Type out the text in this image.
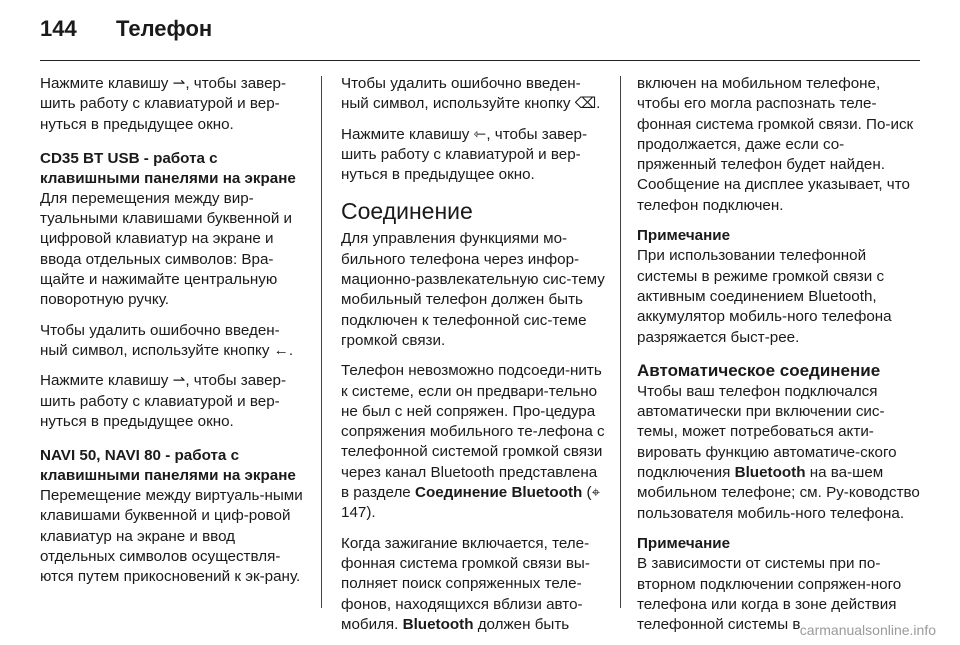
144	Телефон

Нажмите клавишу ⇀, чтобы завер-шить работу с клавиатурой и вер-нуться в предыдущее окно.

CD35 BT USB - работа с клавишными панелями на экране

Для перемещения между вир-туальными клавишами буквенной и цифровой клавиатур на экране и ввода отдельных символов: Вра-щайте и нажимайте центральную поворотную ручку.

Чтобы удалить ошибочно введен-ный символ, используйте кнопку ←.

Нажмите клавишу ⇀, чтобы завер-шить работу с клавиатурой и вер-нуться в предыдущее окно.

NAVI 50, NAVI 80 - работа с клавишными панелями на экране

Перемещение между виртуаль-ными клавишами буквенной и циф-ровой клавиатур на экране и ввод отдельных символов осуществля-ются путем прикосновений к эк-рану.

Чтобы удалить ошибочно введен-ный символ, используйте кнопку ⌫.

Нажмите клавишу ⇽, чтобы завер-шить работу с клавиатурой и вер-нуться в предыдущее окно.

Соединение

Для управления функциями мо-бильного телефона через инфор-мационно-развлекательную сис-тему мобильный телефон должен быть подключен к телефонной сис-теме громкой связи.

Телефон невозможно подсоеди-нить к системе, если он предвари-тельно не был с ней сопряжен. Про-цедура сопряжения мобильного те-лефона с телефонной системой громкой связи через канал Bluetooth представлена в разделе Соединение Bluetooth (⌖ 147).

Когда зажигание включается, теле-фонная система громкой связи вы-полняет поиск сопряженных теле-фонов, находящихся вблизи авто-мобиля. Bluetooth должен быть

включен на мобильном телефоне, чтобы его могла распознать теле-фонная система громкой связи. По-иск продолжается, даже если со-пряженный телефон будет найден. Сообщение на дисплее указывает, что телефон подключен.

Примечание
При использовании телефонной системы в режиме громкой связи с активным соединением Bluetooth, аккумулятор мобиль-ного телефона разряжается быст-рее.

Автоматическое соединение

Чтобы ваш телефон подключался автоматически при включении сис-темы, может потребоваться акти-вировать функцию автоматиче-ского подключения Bluetooth на ва-шем мобильном телефоне; см. Ру-ководство пользователя мобиль-ного телефона.

Примечание
В зависимости от системы при по-вторном подключении сопряжен-ного телефона или когда в зоне действия телефонной системы в carmanualsonline.info
